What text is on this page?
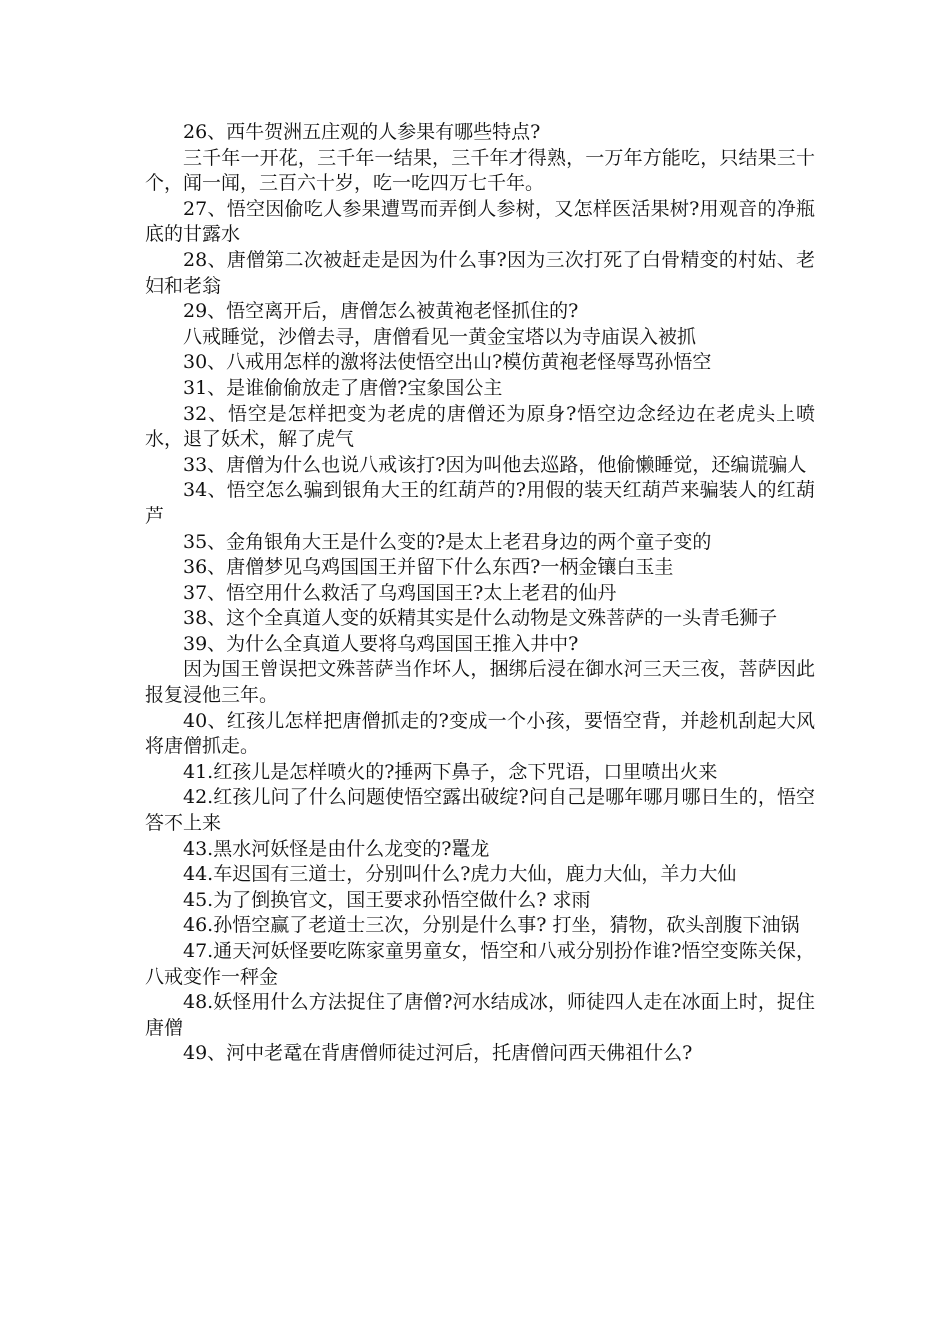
26、西牛贺洲五庄观的人参果有哪些特点?

三千年一开花，三千年一结果，三千年才得熟，一万年方能吃，只结果三十个，闻一闻，三百六十岁，吃一吃四万七千年。

27、悟空因偷吃人参果遭骂而弄倒人参树，又怎样医活果树?用观音的净瓶底的甘露水

28、唐僧第二次被赶走是因为什么事?因为三次打死了白骨精变的村姑、老妇和老翁

29、悟空离开后，唐僧怎么被黄袍老怪抓住的?

八戒睡觉，沙僧去寻，唐僧看见一黄金宝塔以为寺庙误入被抓

30、八戒用怎样的激将法使悟空出山?模仿黄袍老怪辱骂孙悟空

31、是谁偷偷放走了唐僧?宝象国公主

32、悟空是怎样把变为老虎的唐僧还为原身?悟空边念经边在老虎头上喷水，退了妖术，解了虎气

33、唐僧为什么也说八戒该打?因为叫他去巡路，他偷懒睡觉，还编谎骗人

34、悟空怎么骗到银角大王的红葫芦的?用假的装天红葫芦来骗装人的红葫芦

35、金角银角大王是什么变的?是太上老君身边的两个童子变的

36、唐僧梦见乌鸡国国王并留下什么东西?一柄金镶白玉圭

37、悟空用什么救活了乌鸡国国王?太上老君的仙丹

38、这个全真道人变的妖精其实是什么动物是文殊菩萨的一头青毛狮子

39、为什么全真道人要将乌鸡国国王推入井中?

因为国王曾误把文殊菩萨当作坏人，捆绑后浸在御水河三天三夜，菩萨因此报复浸他三年。

40、红孩儿怎样把唐僧抓走的?变成一个小孩，要悟空背，并趁机刮起大风将唐僧抓走。

41.红孩儿是怎样喷火的?捶两下鼻子，念下咒语，口里喷出火来

42.红孩儿问了什么问题使悟空露出破绽?问自己是哪年哪月哪日生的，悟空答不上来

43.黑水河妖怪是由什么龙变的?鼍龙

44.车迟国有三道士，分别叫什么?虎力大仙，鹿力大仙，羊力大仙

45.为了倒换官文，国王要求孙悟空做什么? 求雨

46.孙悟空赢了老道士三次，分别是什么事? 打坐，猜物，砍头剖腹下油锅

47.通天河妖怪要吃陈家童男童女，悟空和八戒分别扮作谁?悟空变陈关保，八戒变作一秤金

48.妖怪用什么方法捉住了唐僧?河水结成冰，师徒四人走在冰面上时，捉住唐僧

49、河中老鼋在背唐僧师徒过河后，托唐僧问西天佛祖什么?
